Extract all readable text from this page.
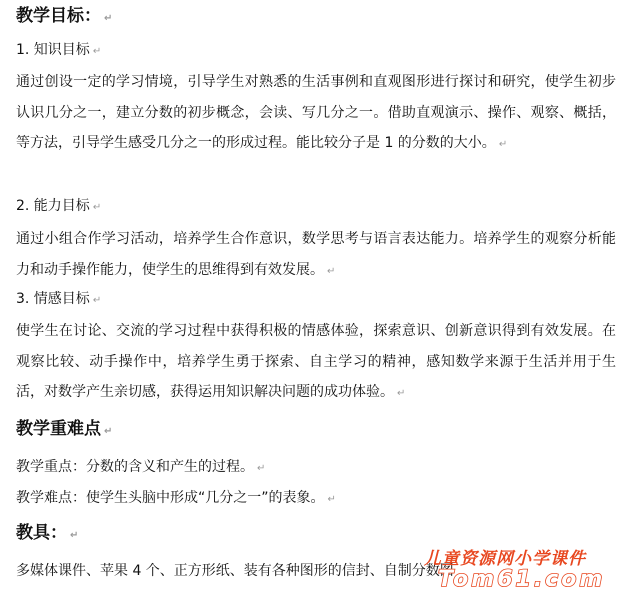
教学目标： ↵
1. 知识目标 ↵
通过创设一定的学习情境，引导学生对熟悉的生活事例和直观图形进行探讨和研究，使学生初步认识几分之一，建立分数的初步概念，会读、写几分之一。借助直观演示、操作、观察、概括，等方法，引导学生感受几分之一的形成过程。能比较分子是 1 的分数的大小。 ↵
2. 能力目标 ↵
通过小组合作学习活动，培养学生合作意识，数学思考与语言表达能力。培养学生的观察分析能力和动手操作能力，使学生的思维得到有效发展。 ↵
3. 情感目标 ↵
使学生在讨论、交流的学习过程中获得积极的情感体验，探索意识、创新意识得到有效发展。在观察比较、动手操作中，培养学生勇于探索、自主学习的精神，感知数学来源于生活并用于生活，对数学产生亲切感，获得运用知识解决问题的成功体验。 ↵
教学重难点 ↵
教学重点：分数的含义和产生的过程。 ↵
教学难点：使学生头脑中形成“几分之一”的表象。 ↵
教具： ↵
多媒体课件、苹果 4 个、正方形纸、装有各种图形的信封、自制分数图
儿童资源网小学课件
Tom61.com
